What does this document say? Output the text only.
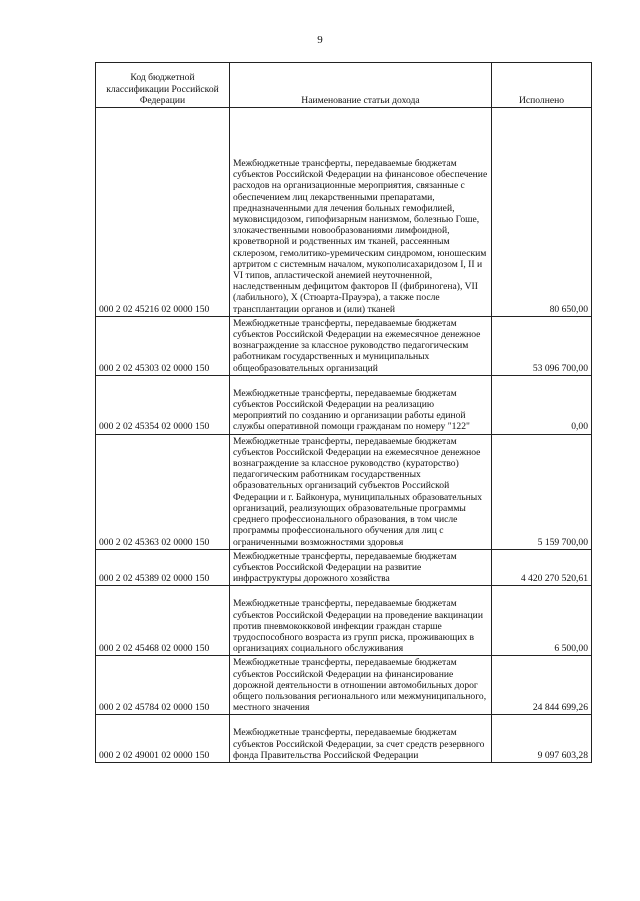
9
Код бюджетной классификации Российской Федерации	Наименование статьи дохода	Исполнено
000 2 02 45216 02 0000 150	Межбюджетные трансферты, передаваемые бюджетам субъектов Российской Федерации на финансовое обеспечение расходов на организационные мероприятия, связанные с обеспечением лиц лекарственными препаратами, предназначенными для лечения больных гемофилией, муковисцидозом, гипофизарным нанизмом, болезнью Гоше, злокачественными новообразованиями лимфоидной, кроветворной и родственных им тканей, рассеянным склерозом, гемолитико-уремическим синдромом, юношеским артритом с системным началом, мукополисахаридозом I, II и VI типов, апластической анемией неуточненной, наследственным дефицитом факторов II (фибриногена), VII (лабильного), X (Стюарта-Прауэра), а также после трансплантации органов и (или) тканей	80 650,00
000 2 02 45303 02 0000 150	Межбюджетные трансферты, передаваемые бюджетам субъектов Российской Федерации на ежемесячное денежное вознаграждение за классное руководство педагогическим работникам государственных и муниципальных общеобразовательных организаций	53 096 700,00
000 2 02 45354 02 0000 150	Межбюджетные трансферты, передаваемые бюджетам субъектов Российской Федерации на реализацию мероприятий по созданию и организации работы единой службы оперативной помощи гражданам по номеру "122"	0,00
000 2 02 45363 02 0000 150	Межбюджетные трансферты, передаваемые бюджетам субъектов Российской Федерации на ежемесячное денежное вознаграждение за классное руководство (кураторство) педагогическим работникам государственных образовательных организаций субъектов Российской Федерации и г. Байконура, муниципальных образовательных организаций, реализующих образовательные программы среднего профессионального образования, в том числе программы профессионального обучения для лиц с ограниченными возможностями здоровья	5 159 700,00
000 2 02 45389 02 0000 150	Межбюджетные трансферты, передаваемые бюджетам субъектов Российской Федерации на развитие инфраструктуры дорожного хозяйства	4 420 270 520,61
000 2 02 45468 02 0000 150	Межбюджетные трансферты, передаваемые бюджетам субъектов Российской Федерации на проведение вакцинации против пневмококковой инфекции граждан старше трудоспособного возраста из групп риска, проживающих в организациях социального обслуживания	6 500,00
000 2 02 45784 02 0000 150	Межбюджетные трансферты, передаваемые бюджетам субъектов Российской Федерации на финансирование дорожной деятельности в отношении автомобильных дорог общего пользования регионального или межмуниципального, местного значения	24 844 699,26
000 2 02 49001 02 0000 150	Межбюджетные трансферты, передаваемые бюджетам субъектов Российской Федерации, за счет средств резервного фонда Правительства Российской Федерации	9 097 603,28
